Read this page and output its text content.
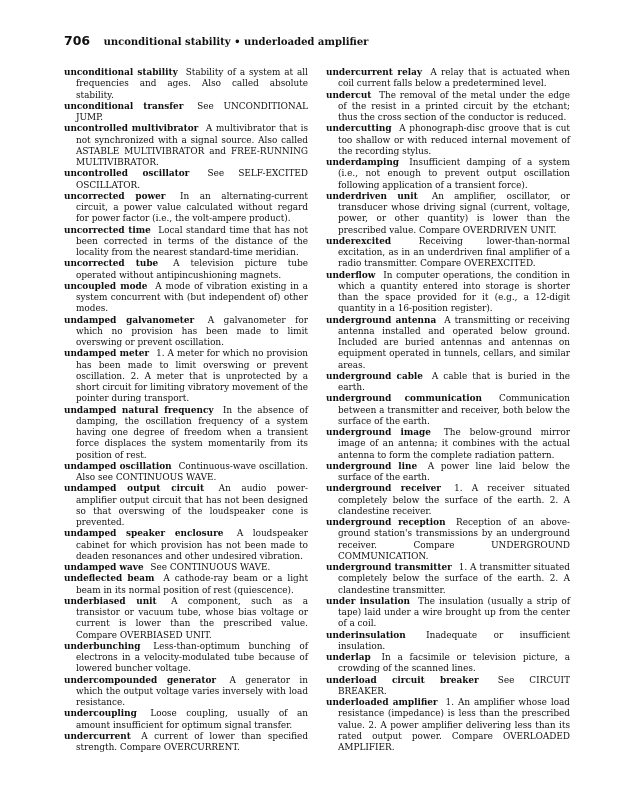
706 unconditional stability • underloaded amplifier

unconditional stability Stability of a system at all frequencies and ages. Also called absolute stability.

unconditional transfer See UNCONDITIONAL JUMP.

uncontrolled multivibrator A multivibrator that is not synchronized with a signal source. Also called ASTABLE MULTIVIBRATOR and FREE-RUNNING MULTIVIBRATOR.

uncontrolled oscillator See SELF-EXCITED OSCILLATOR.

uncorrected power In an alternating-current circuit, a power value calculated without regard for power factor (i.e., the volt-ampere product).

uncorrected time Local standard time that has not been corrected in terms of the distance of the locality from the nearest standard-time meridian.

uncorrected tube A television picture tube operated without antipincushioning magnets.

uncoupled mode A mode of vibration existing in a system concurrent with (but independent of) other modes.

undamped galvanometer A galvanometer for which no provision has been made to limit overswing or prevent oscillation.

undamped meter 1. A meter for which no provision has been made to limit overswing or prevent oscillation. 2. A meter that is unprotected by a short circuit for limiting vibratory movement of the pointer during transport.

undamped natural frequency In the absence of damping, the oscillation frequency of a system having one degree of freedom when a transient force displaces the system momentarily from its position of rest.

undamped oscillation Continuous-wave oscillation. Also see CONTINUOUS WAVE.

undamped output circuit An audio power-amplifier output circuit that has not been designed so that overswing of the loudspeaker cone is prevented.

undamped speaker enclosure A loudspeaker cabinet for which provision has not been made to deaden resonances and other undesired vibration.

undamped wave See CONTINUOUS WAVE.

undeflected beam A cathode-ray beam or a light beam in its normal position of rest (quiescence).

underbiased unit A component, such as a transistor or vacuum tube, whose bias voltage or current is lower than the prescribed value. Compare OVERBIASED UNIT.

underbunching Less-than-optimum bunching of electrons in a velocity-modulated tube because of lowered buncher voltage.

undercompounded generator A generator in which the output voltage varies inversely with load resistance.

undercoupling Loose coupling, usually of an amount insufficient for optimum signal transfer.

undercurrent A current of lower than specified strength. Compare OVERCURRENT.

undercurrent relay A relay that is actuated when coil current falls below a predetermined level.

undercut The removal of the metal under the edge of the resist in a printed circuit by the etchant; thus the cross section of the conductor is reduced.

undercutting A phonograph-disc groove that is cut too shallow or with reduced internal movement of the recording stylus.

underdamping Insufficient damping of a system (i.e., not enough to prevent output oscillation following application of a transient force).

underdriven unit An amplifier, oscillator, or transducer whose driving signal (current, voltage, power, or other quantity) is lower than the prescribed value. Compare OVERDRIVEN UNIT.

underexcited	Receiving lower-than-normal excitation, as in an underdriven final amplifier of a radio transmitter. Compare OVEREXCITED.

underflow In computer operations, the condition in which a quantity entered into storage is shorter than the space provided for it (e.g., a 12-digit quantity in a 16-position register).

underground antenna A transmitting or receiving antenna installed and operated below ground. Included are buried antennas and antennas on equipment operated in tunnels, cellars, and similar areas.

underground cable A cable that is buried in the earth.

underground communication Communication between a transmitter and receiver, both below the surface of the earth.

underground image The below-ground mirror image of an antenna; it combines with the actual antenna to form the complete radiation pattern.

underground line A power line laid below the surface of the earth.

underground receiver 1. A receiver situated completely below the surface of the earth. 2. A clandestine receiver.

underground reception Reception of an above-ground station's transmissions by an underground receiver. Compare UNDERGROUND COMMUNICATION.

underground transmitter 1. A transmitter situated completely below the surface of the earth. 2. A clandestine transmitter.

under insulation The insulation (usually a strip of tape) laid under a wire brought up from the center of a coil.

underinsulation Inadequate or insufficient insulation.

underlap In a facsimile or television picture, a crowding of the scanned lines.

underload circuit breaker See CIRCUIT BREAKER.

underloaded amplifier 1. An amplifier whose load resistance (impedance) is less than the prescribed value. 2. A power amplifier delivering less than its rated output power. Compare OVERLOADED AMPLIFIER.
